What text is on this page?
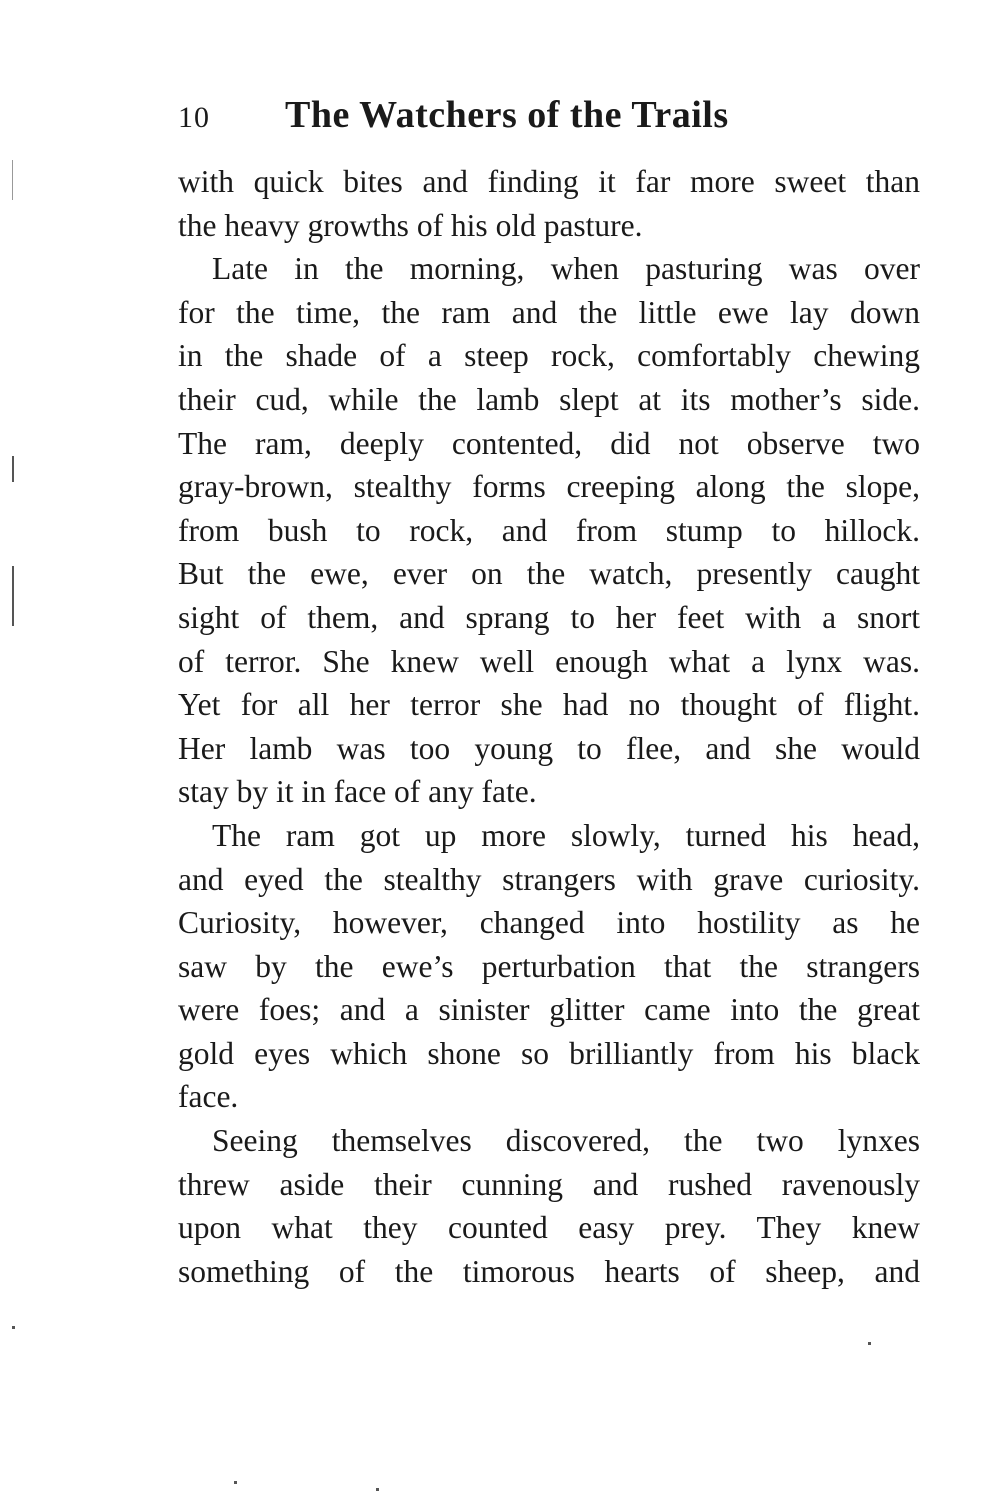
10 The Watchers of the Trails
with quick bites and finding it far more sweet than
the heavy growths of his old pasture.
Late in the morning, when pasturing was over
for the time, the ram and the little ewe lay down
in the shade of a steep rock, comfortably chewing
their cud, while the lamb slept at its mother’s side.
The ram, deeply contented, did not observe two
gray-brown, stealthy forms creeping along the slope,
from bush to rock, and from stump to hillock.
But the ewe, ever on the watch, presently caught
sight of them, and sprang to her feet with a snort
of terror. She knew well enough what a lynx was.
Yet for all her terror she had no thought of flight.
Her lamb was too young to flee, and she would
stay by it in face of any fate.
The ram got up more slowly, turned his head,
and eyed the stealthy strangers with grave curiosity.
Curiosity, however, changed into hostility as he
saw by the ewe’s perturbation that the strangers
were foes; and a sinister glitter came into the great
gold eyes which shone so brilliantly from his black
face.
Seeing themselves discovered, the two lynxes
threw aside their cunning and rushed ravenously
upon what they counted easy prey. They knew
something of the timorous hearts of sheep, and
